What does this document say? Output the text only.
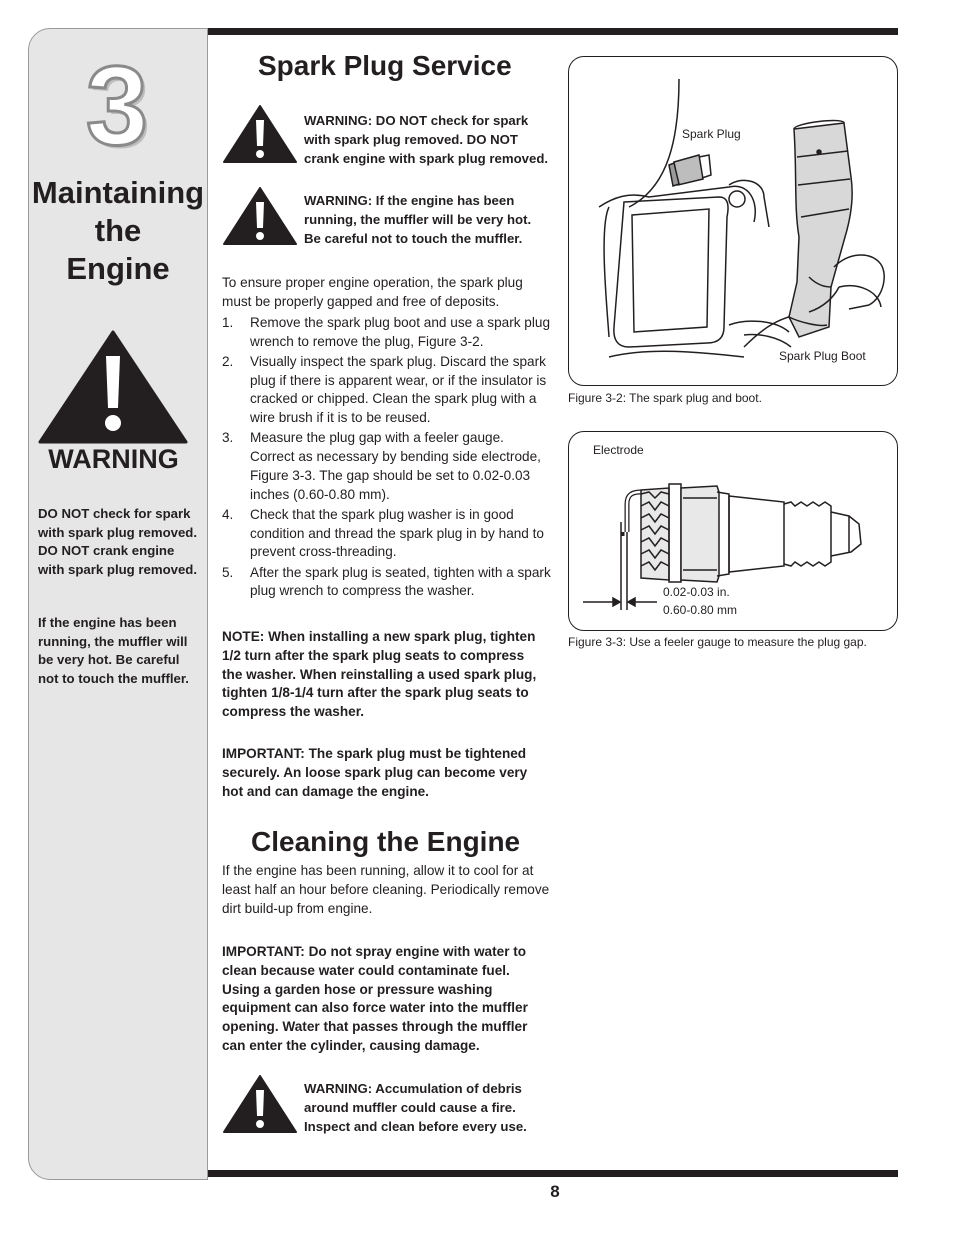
3
Maintaining
the
Engine
WARNING
DO NOT check for spark with spark plug removed. DO NOT crank engine with spark plug removed.
If the engine has been running, the muffler will be very hot. Be careful not to touch the muffler.
Spark Plug Service
WARNING: DO NOT check for spark with spark plug removed. DO NOT crank engine with spark plug removed.
WARNING: If the engine has been running, the muffler will be very hot. Be careful not to touch the muffler.
To ensure proper engine operation, the spark plug must be properly gapped and free of deposits.
1. Remove the spark plug boot and use a spark plug wrench to remove the plug, Figure 3-2.
2. Visually inspect the spark plug. Discard the spark plug if there is apparent wear, or if the insulator is cracked or chipped. Clean the spark plug with a wire brush if it is to be reused.
3. Measure the plug gap with a feeler gauge. Correct as necessary by bending side electrode, Figure 3-3. The gap should be set to 0.02-0.03 inches (0.60-0.80 mm).
4. Check that the spark plug washer is in good condition and thread the spark plug in by hand to prevent cross-threading.
5. After the spark plug is seated, tighten with a spark plug wrench to compress the washer.
NOTE: When installing a new spark plug, tighten 1/2 turn after the spark plug seats to compress the washer. When reinstalling a used spark plug, tighten 1/8-1/4 turn after the spark plug seats to compress the washer.
IMPORTANT: The spark plug must be tightened securely. An loose spark plug can become very hot and can damage the engine.
Cleaning the Engine
If the engine has been running, allow it to cool for at least half an hour before cleaning. Periodically remove dirt build-up from engine.
IMPORTANT: Do not spray engine with water to clean because water could contaminate fuel. Using a garden hose or pressure washing equipment can also force water into the muffler opening. Water that passes through the muffler can enter the cylinder, causing damage.
WARNING: Accumulation of debris around muffler could cause a fire. Inspect and clean before every use.
Spark Plug
Spark Plug Boot
Figure 3-2: The spark plug and boot.
Electrode
0.02-0.03 in.
0.60-0.80 mm
Figure 3-3: Use a feeler gauge to measure the plug gap.
8
